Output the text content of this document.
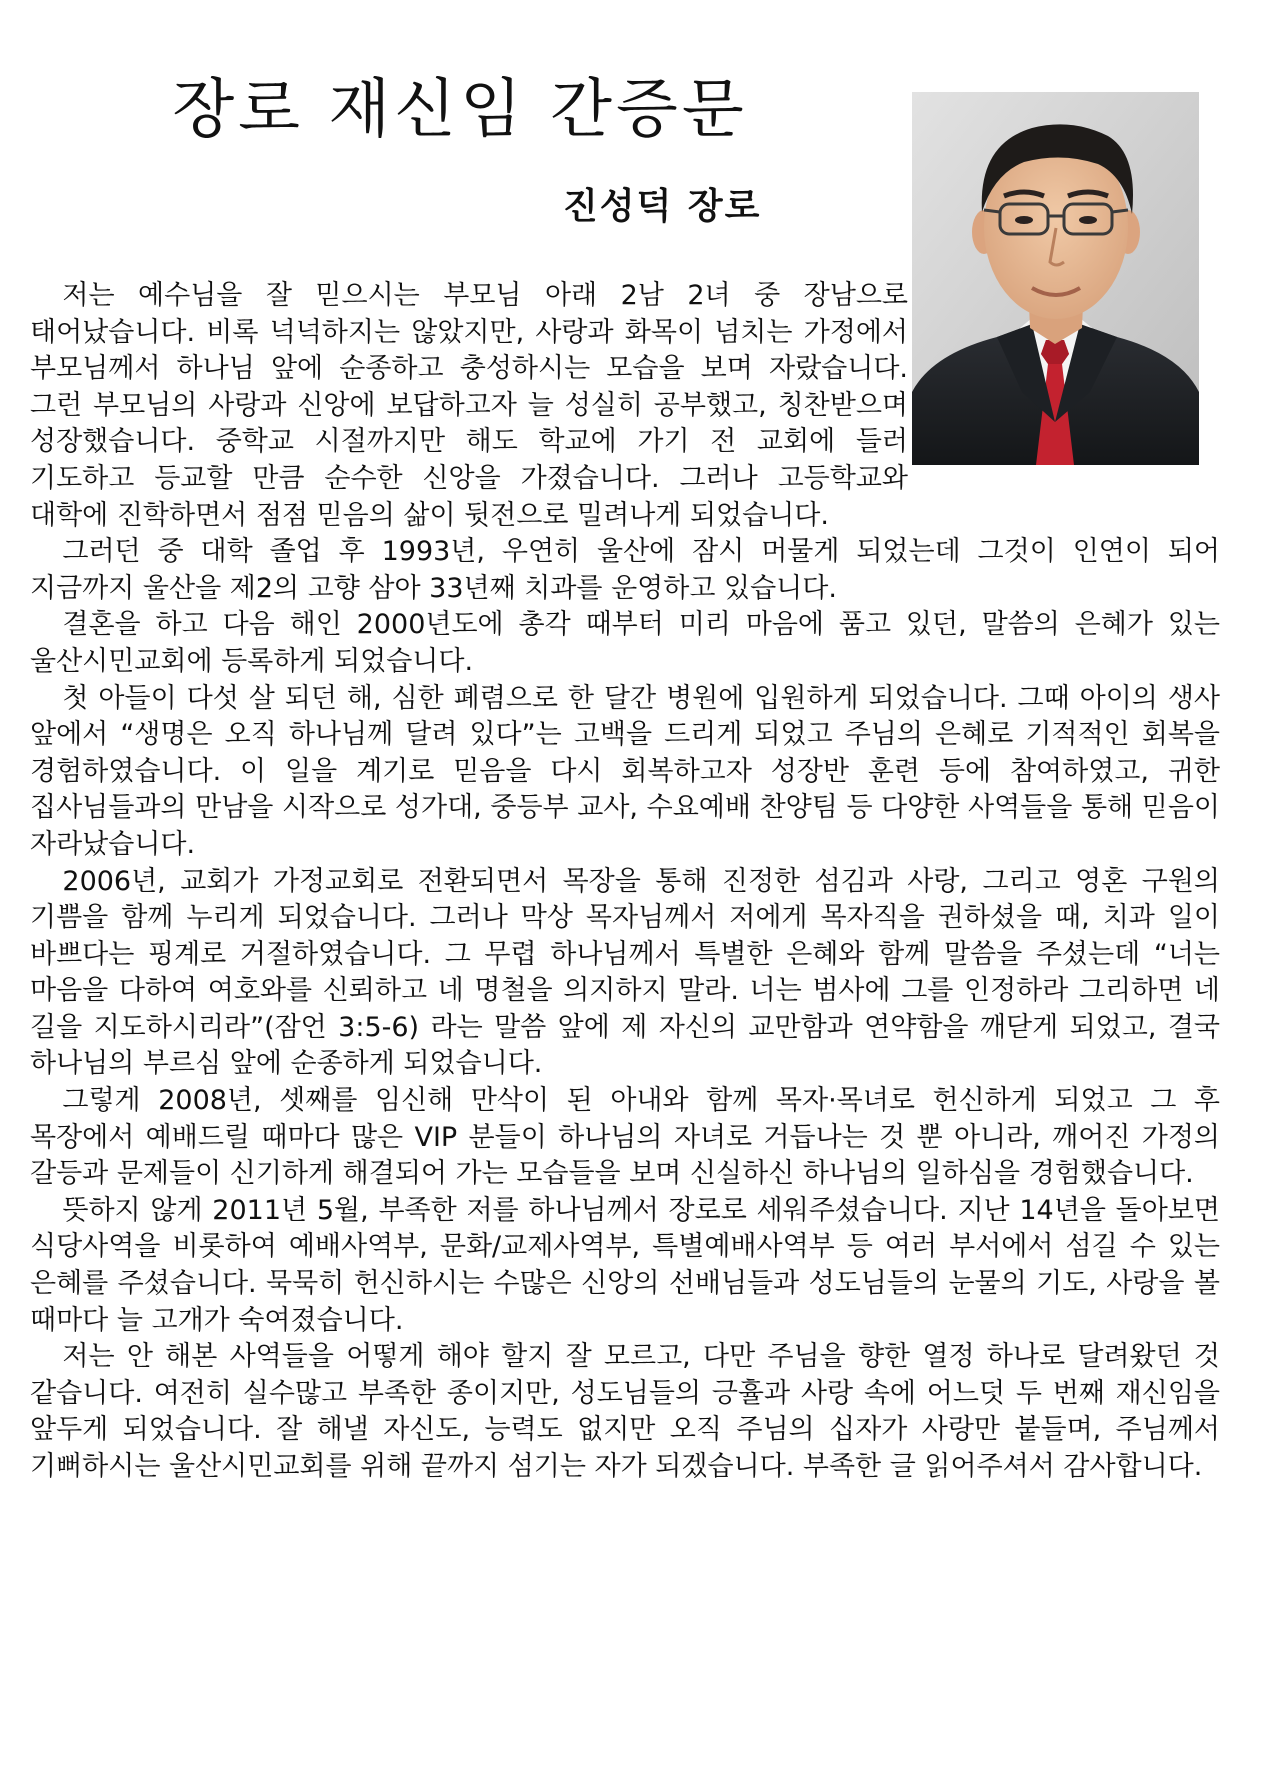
장로 재신임 간증문
진성덕 장로

저는 예수님을 잘 믿으시는 부모님 아래 2남 2녀 중 장남으로 태어났습니다. 비록 넉넉하지는 않았지만, 사랑과 화목이 넘치는 가정에서 부모님께서 하나님 앞에 순종하고 충성하시는 모습을 보며 자랐습니다. 그런 부모님의 사랑과 신앙에 보답하고자 늘 성실히 공부했고, 칭찬받으며 성장했습니다. 중학교 시절까지만 해도 학교에 가기 전 교회에 들러 기도하고 등교할 만큼 순수한 신앙을 가졌습니다. 그러나 고등학교와 대학에 진학하면서 점점 믿음의 삶이 뒷전으로 밀려나게 되었습니다.

그러던 중 대학 졸업 후 1993년, 우연히 울산에 잠시 머물게 되었는데 그것이 인연이 되어 지금까지 울산을 제2의 고향 삼아 33년째 치과를 운영하고 있습니다.

결혼을 하고 다음 해인 2000년도에 총각 때부터 미리 마음에 품고 있던, 말씀의 은혜가 있는 울산시민교회에 등록하게 되었습니다.

첫 아들이 다섯 살 되던 해, 심한 폐렴으로 한 달간 병원에 입원하게 되었습니다. 그때 아이의 생사 앞에서 “생명은 오직 하나님께 달려 있다”는 고백을 드리게 되었고 주님의 은혜로 기적적인 회복을 경험하였습니다. 이 일을 계기로 믿음을 다시 회복하고자 성장반 훈련 등에 참여하였고, 귀한 집사님들과의 만남을 시작으로 성가대, 중등부 교사, 수요예배 찬양팀 등 다양한 사역들을 통해 믿음이 자라났습니다.

2006년, 교회가 가정교회로 전환되면서 목장을 통해 진정한 섬김과 사랑, 그리고 영혼 구원의 기쁨을 함께 누리게 되었습니다. 그러나 막상 목자님께서 저에게 목자직을 권하셨을 때, 치과 일이 바쁘다는 핑계로 거절하였습니다. 그 무렵 하나님께서 특별한 은혜와 함께 말씀을 주셨는데 “너는 마음을 다하여 여호와를 신뢰하고 네 명철을 의지하지 말라. 너는 범사에 그를 인정하라 그리하면 네 길을 지도하시리라”(잠언 3:5-6) 라는 말씀 앞에 제 자신의 교만함과 연약함을 깨닫게 되었고, 결국 하나님의 부르심 앞에 순종하게 되었습니다.

그렇게 2008년, 셋째를 임신해 만삭이 된 아내와 함께 목자·목녀로 헌신하게 되었고 그 후 목장에서 예배드릴 때마다 많은 VIP 분들이 하나님의 자녀로 거듭나는 것 뿐 아니라, 깨어진 가정의 갈등과 문제들이 신기하게 해결되어 가는 모습들을 보며 신실하신 하나님의 일하심을 경험했습니다.

뜻하지 않게 2011년 5월, 부족한 저를 하나님께서 장로로 세워주셨습니다. 지난 14년을 돌아보면 식당사역을 비롯하여 예배사역부, 문화/교제사역부, 특별예배사역부 등 여러 부서에서 섬길 수 있는 은혜를 주셨습니다. 묵묵히 헌신하시는 수많은 신앙의 선배님들과 성도님들의 눈물의 기도, 사랑을 볼 때마다 늘 고개가 숙여졌습니다.

저는 안 해본 사역들을 어떻게 해야 할지 잘 모르고, 다만 주님을 향한 열정 하나로 달려왔던 것 같습니다. 여전히 실수많고 부족한 종이지만, 성도님들의 긍휼과 사랑 속에 어느덧 두 번째 재신임을 앞두게 되었습니다. 잘 해낼 자신도, 능력도 없지만 오직 주님의 십자가 사랑만 붙들며, 주님께서 기뻐하시는 울산시민교회를 위해 끝까지 섬기는 자가 되겠습니다. 부족한 글 읽어주셔서 감사합니다.
